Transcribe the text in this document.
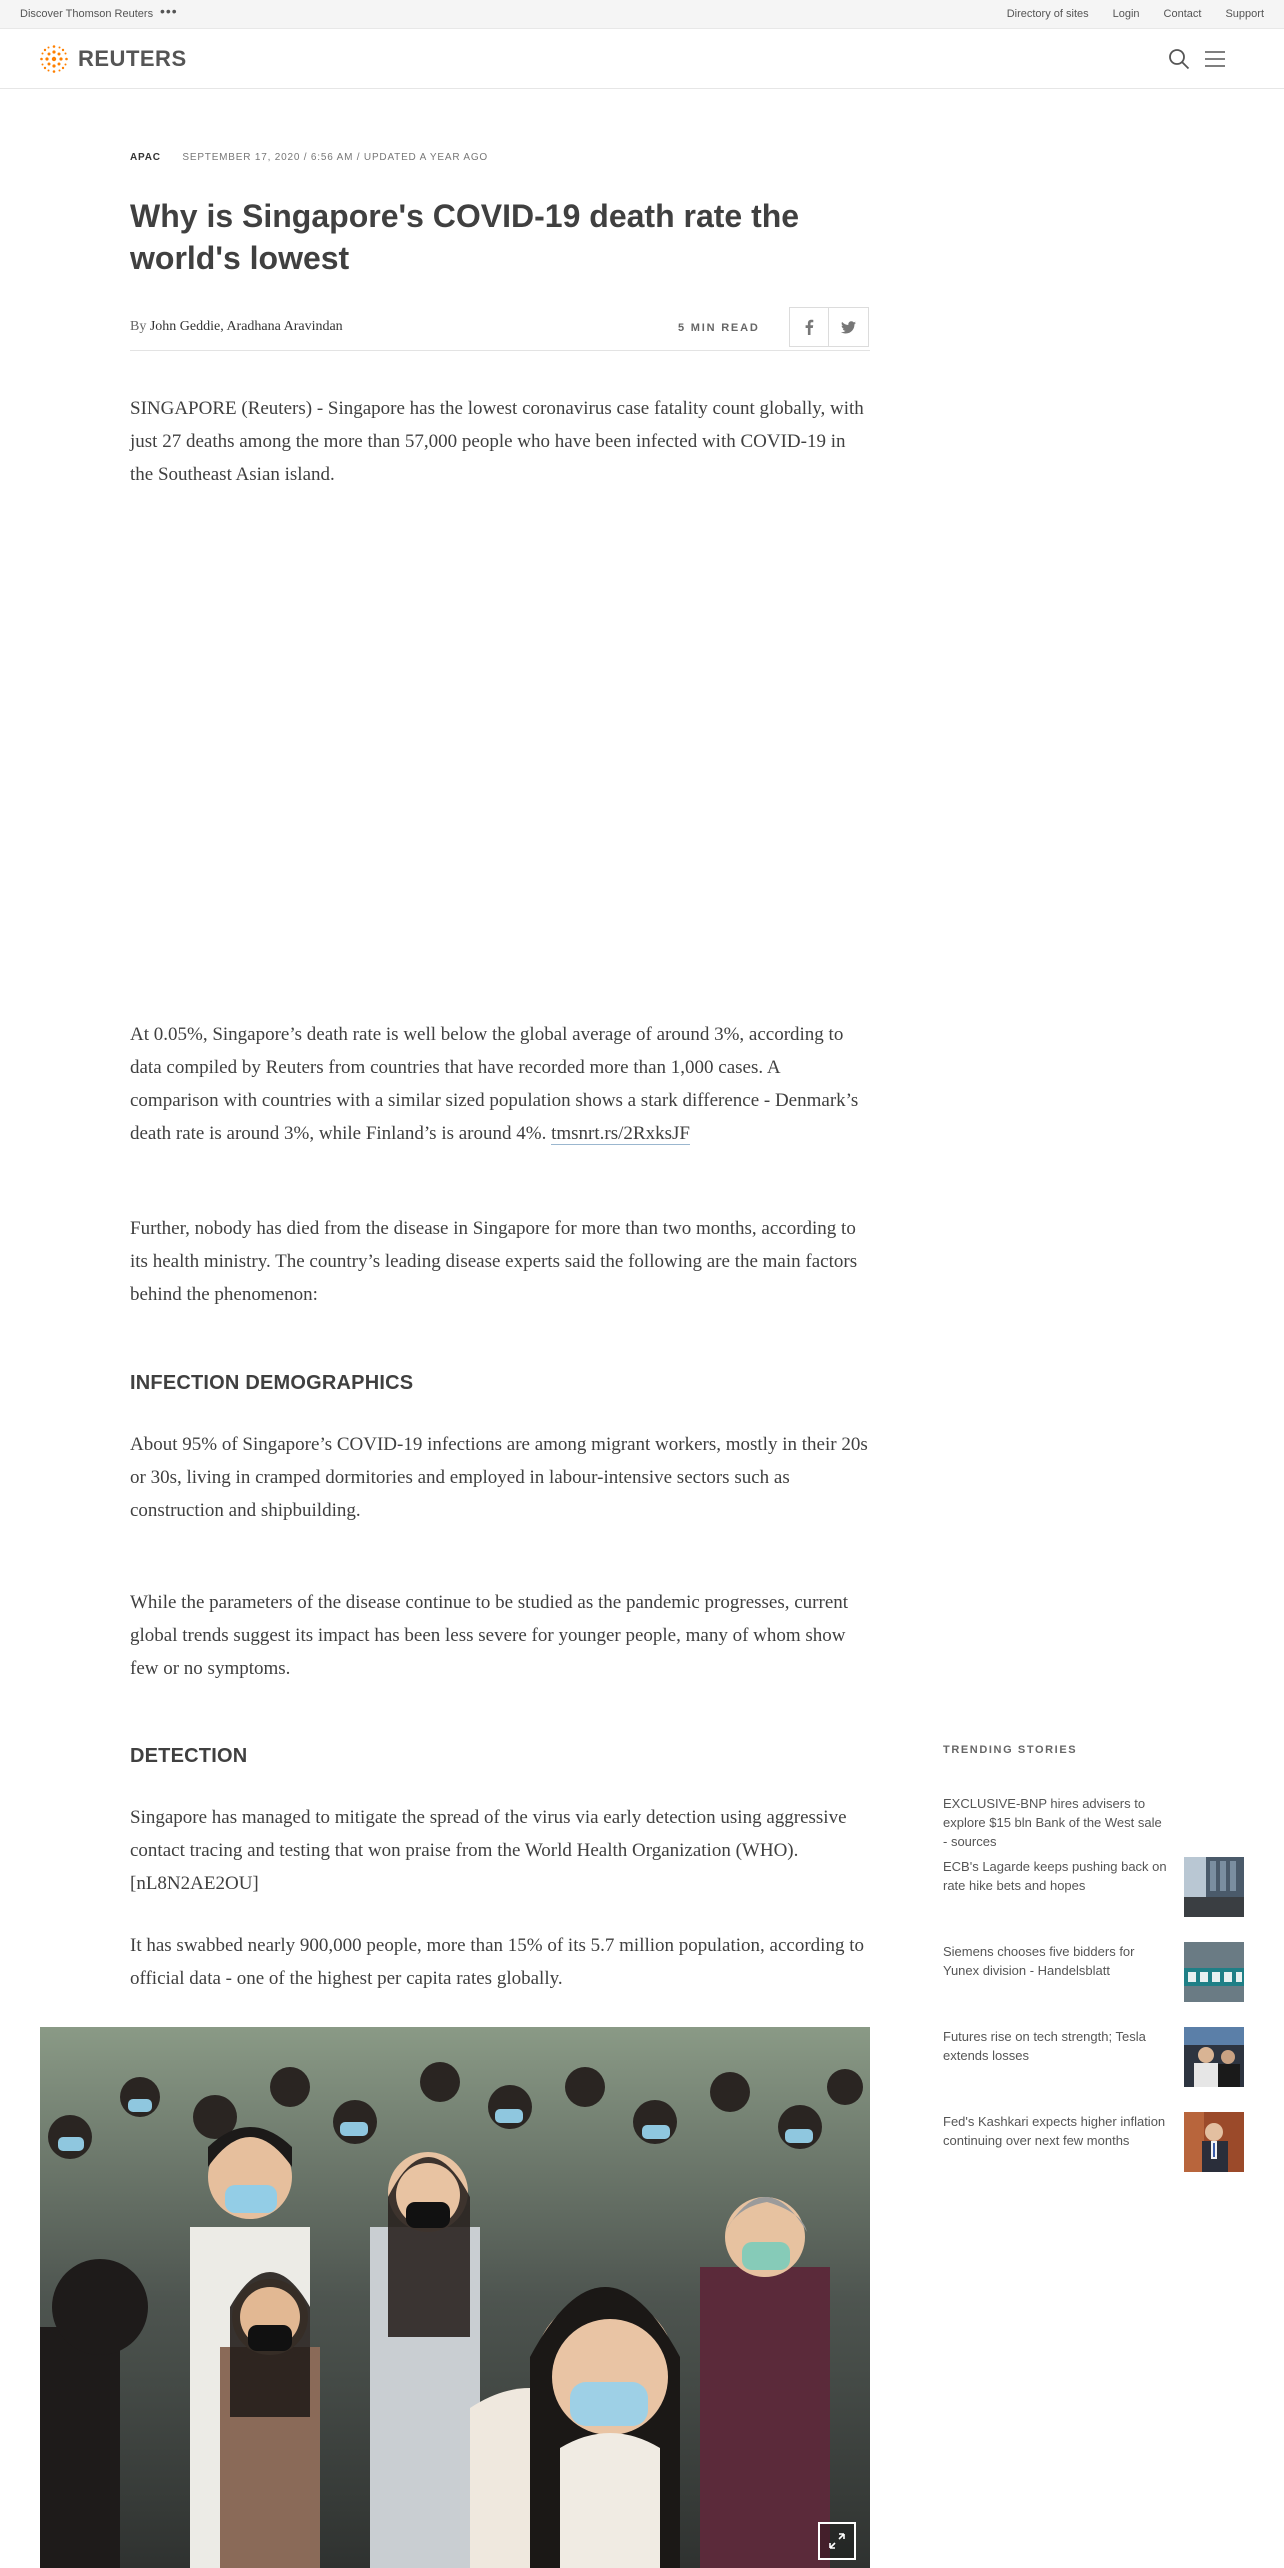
Discover Thomson Reuters •••	Directory of sites Login Contact Support
REUTERS
APAC SEPTEMBER 17, 2020 / 6:56 AM / UPDATED A YEAR AGO
Why is Singapore's COVID-19 death rate the world's lowest
By John Geddie, Aradhana Aravindan	5 MIN READ

SINGAPORE (Reuters) - Singapore has the lowest coronavirus case fatality count globally, with just 27 deaths among the more than 57,000 people who have been infected with COVID-19 in the Southeast Asian island.

At 0.05%, Singapore’s death rate is well below the global average of around 3%, according to data compiled by Reuters from countries that have recorded more than 1,000 cases. A comparison with countries with a similar sized population shows a stark difference - Denmark’s death rate is around 3%, while Finland’s is around 4%. tmsnrt.rs/2RxksJF

Further, nobody has died from the disease in Singapore for more than two months, according to its health ministry. The country’s leading disease experts said the following are the main factors behind the phenomenon:

INFECTION DEMOGRAPHICS

About 95% of Singapore’s COVID-19 infections are among migrant workers, mostly in their 20s or 30s, living in cramped dormitories and employed in labour-intensive sectors such as construction and shipbuilding.

While the parameters of the disease continue to be studied as the pandemic progresses, current global trends suggest its impact has been less severe for younger people, many of whom show few or no symptoms.

DETECTION

Singapore has managed to mitigate the spread of the virus via early detection using aggressive contact tracing and testing that won praise from the World Health Organization (WHO). [nL8N2AE2OU]

It has swabbed nearly 900,000 people, more than 15% of its 5.7 million population, according to official data - one of the highest per capita rates globally.

TRENDING STORIES
EXCLUSIVE-BNP hires advisers to explore $15 bln Bank of the West sale - sources
ECB's Lagarde keeps pushing back on rate hike bets and hopes
Siemens chooses five bidders for Yunex division - Handelsblatt
Futures rise on tech strength; Tesla extends losses
Fed's Kashkari expects higher inflation continuing over next few months
